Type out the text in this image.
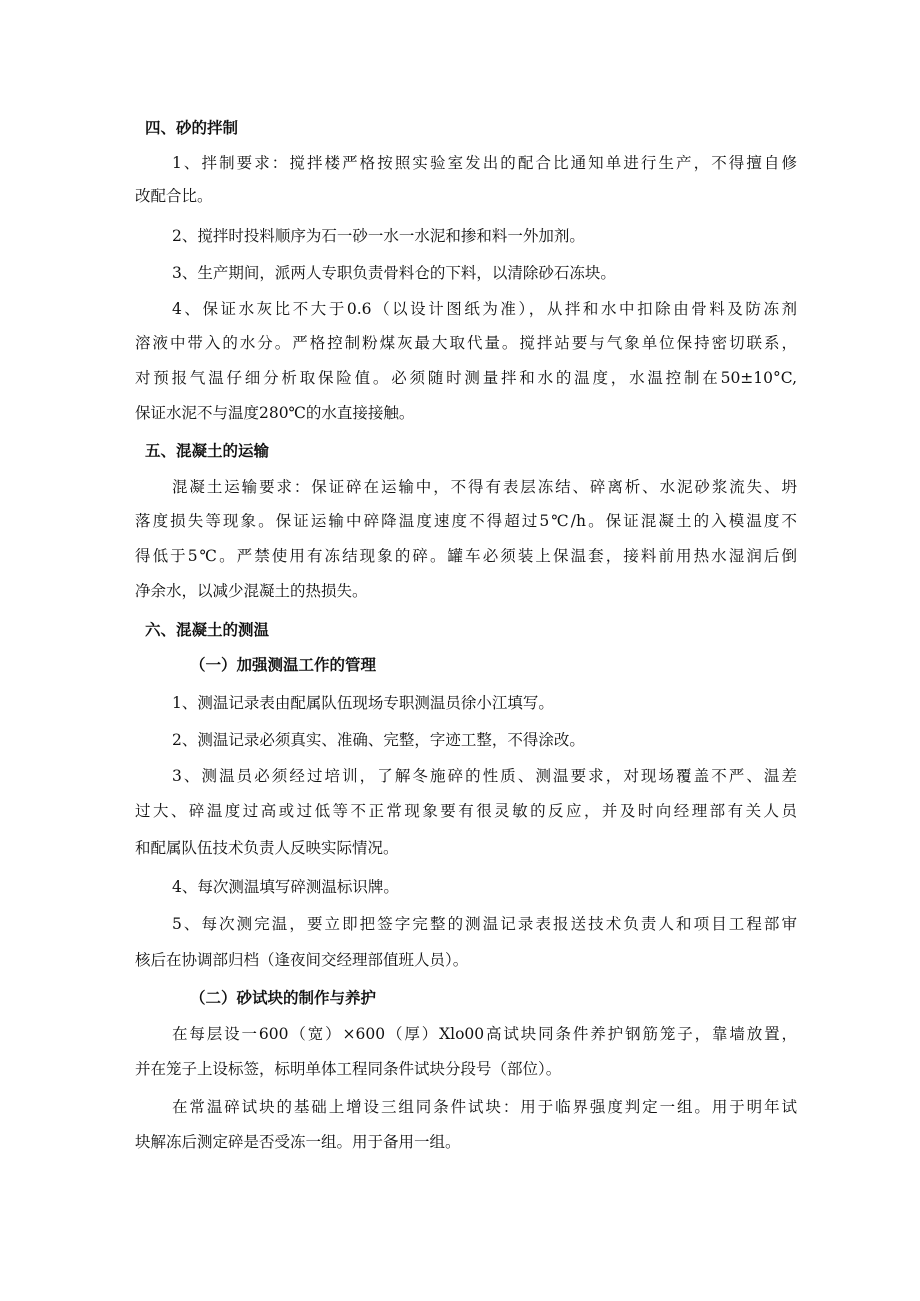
四、砂的拌制
1、拌制要求：搅拌楼严格按照实验室发出的配合比通知单进行生产，不得擅自修
改配合比。
2、搅拌时投料顺序为石一砂一水一水泥和掺和料一外加剂。
3、生产期间，派两人专职负责骨料仓的下料，以清除砂石冻块。
4、保证水灰比不大于0.6（以设计图纸为准），从拌和水中扣除由骨料及防冻剂
溶液中带入的水分。严格控制粉煤灰最大取代量。搅拌站要与气象单位保持密切联系，
对预报气温仔细分析取保险值。必须随时测量拌和水的温度，水温控制在50±10°C,
保证水泥不与温度280℃的水直接接触。
五、混凝土的运输
混凝土运输要求：保证碎在运输中，不得有表层冻结、碎离析、水泥砂浆流失、坍
落度损失等现象。保证运输中碎降温度速度不得超过5℃/h。保证混凝土的入模温度不
得低于5℃。严禁使用有冻结现象的碎。罐车必须装上保温套，接料前用热水湿润后倒
净余水，以减少混凝土的热损失。
六、混凝土的测温
（一）加强测温工作的管理
1、测温记录表由配属队伍现场专职测温员徐小江填写。
2、测温记录必须真实、准确、完整，字迹工整，不得涂改。
3、测温员必须经过培训，了解冬施碎的性质、测温要求，对现场覆盖不严、温差
过大、碎温度过高或过低等不正常现象要有很灵敏的反应，并及时向经理部有关人员
和配属队伍技术负责人反映实际情况。
4、每次测温填写碎测温标识牌。
5、每次测完温，要立即把签字完整的测温记录表报送技术负责人和项目工程部审
核后在协调部归档（逢夜间交经理部值班人员）。
（二）砂试块的制作与养护
在每层设一600（宽）×600（厚）Xlo00高试块同条件养护钢筋笼子，靠墙放置，
并在笼子上设标签，标明单体工程同条件试块分段号（部位）。
在常温碎试块的基础上增设三组同条件试块：用于临界强度判定一组。用于明年试
块解冻后测定碎是否受冻一组。用于备用一组。
